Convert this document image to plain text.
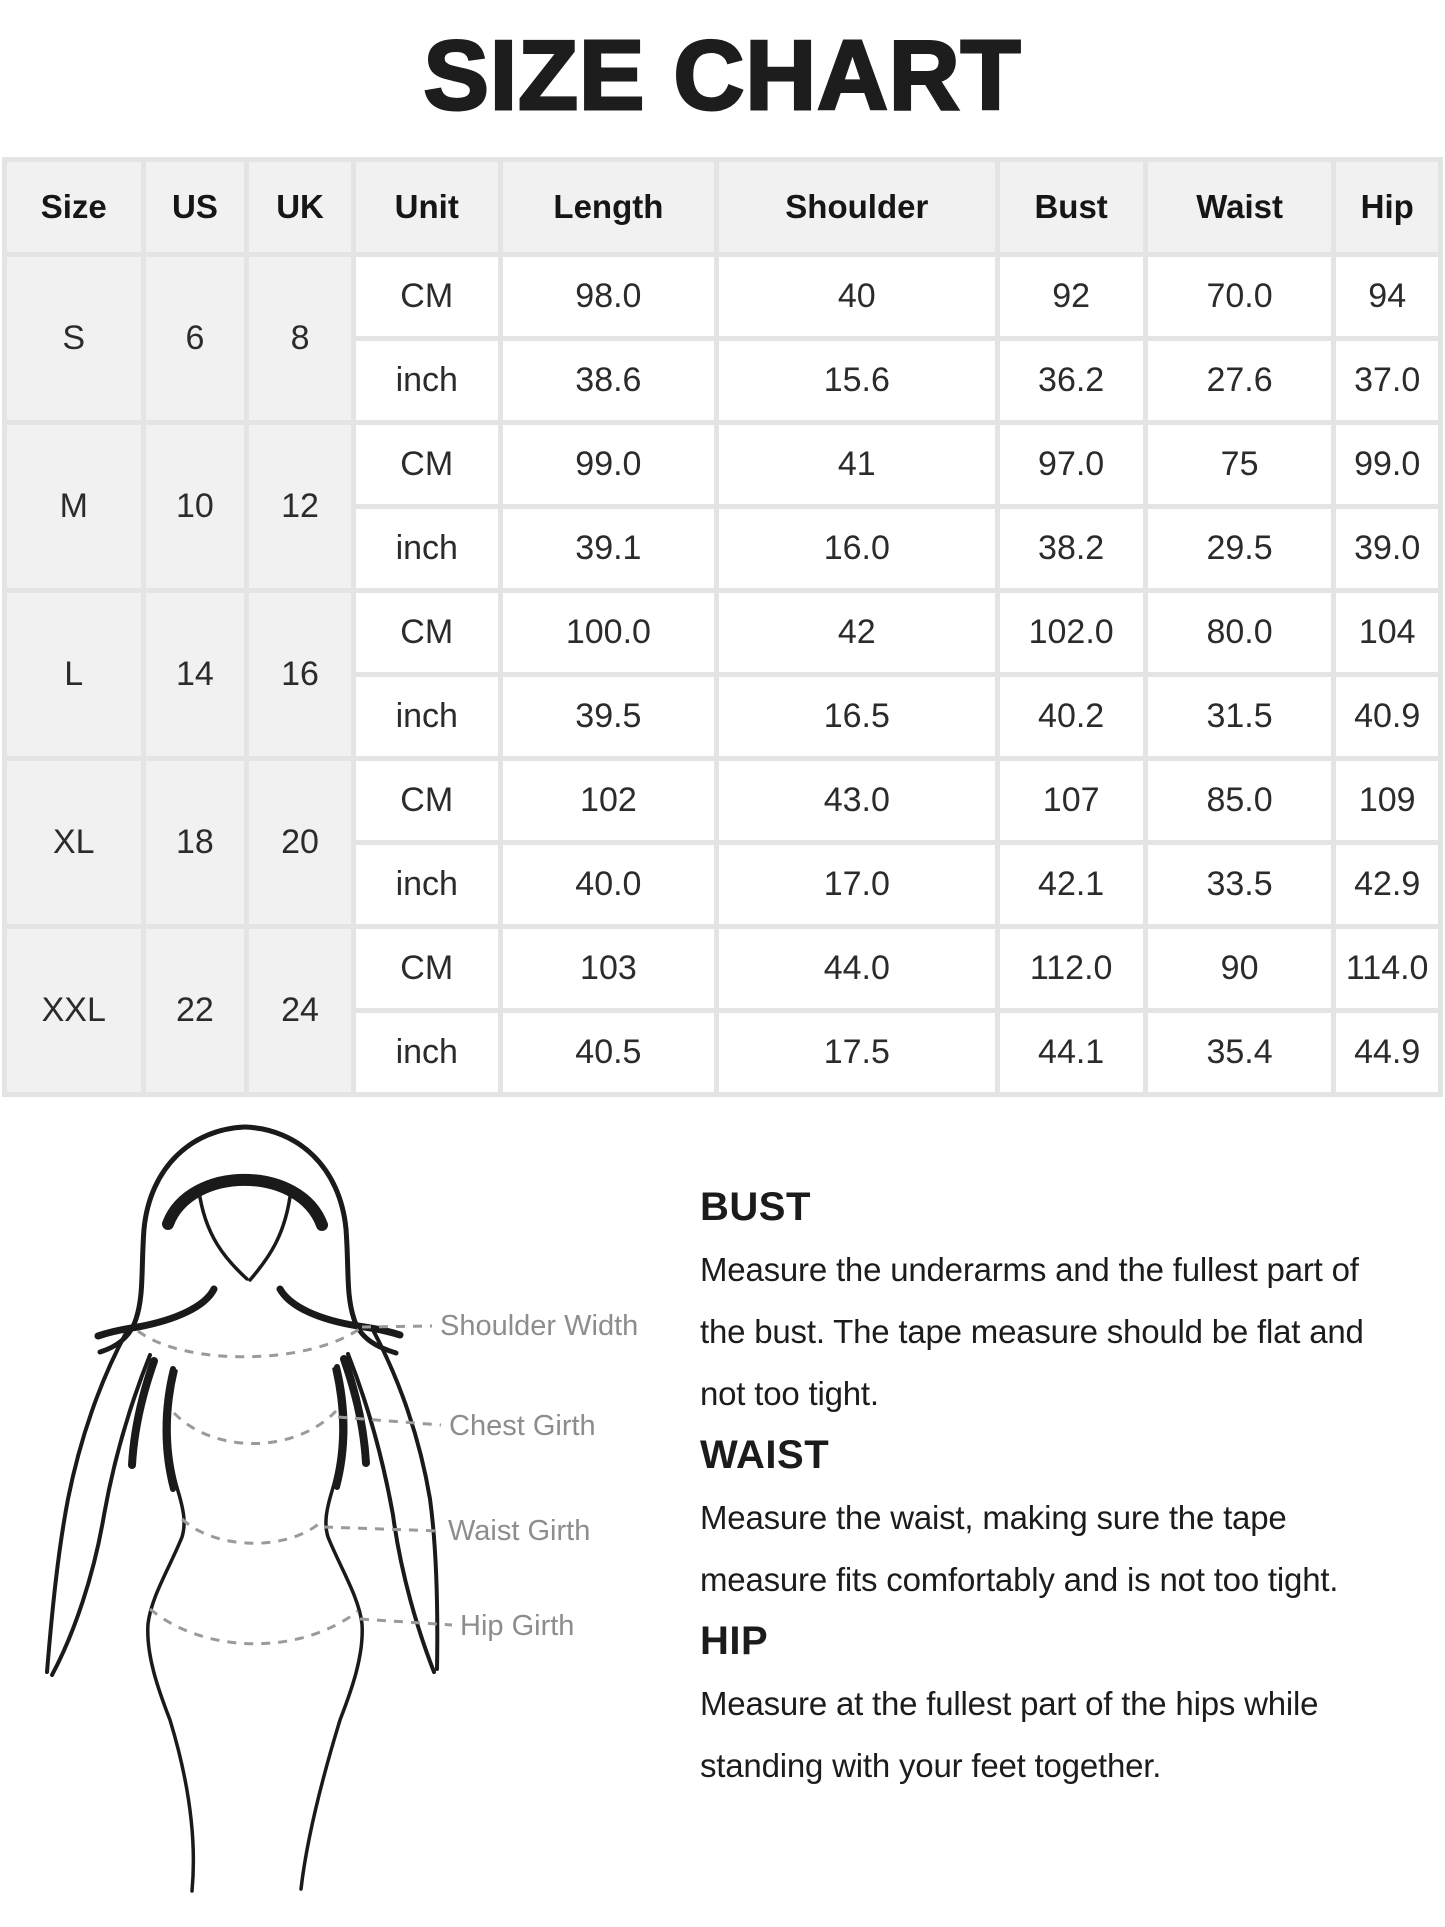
SIZE CHART
Size	US	UK	Unit	Length	Shoulder	Bust	Waist	Hip
S	6	8	CM	98.0	40	92	70.0	94
			inch	38.6	15.6	36.2	27.6	37.0
M	10	12	CM	99.0	41	97.0	75	99.0
			inch	39.1	16.0	38.2	29.5	39.0
L	14	16	CM	100.0	42	102.0	80.0	104
			inch	39.5	16.5	40.2	31.5	40.9
XL	18	20	CM	102	43.0	107	85.0	109
			inch	40.0	17.0	42.1	33.5	42.9
XXL	22	24	CM	103	44.0	112.0	90	114.0
			inch	40.5	17.5	44.1	35.4	44.9
Shoulder Width
Chest Girth
Waist Girth
Hip Girth
BUST

Measure the underarms and the fullest part of the bust. The tape measure should be flat and not too tight.

WAIST

Measure the waist, making sure the tape measure fits comfortably and is not too tight.

HIP

Measure at the fullest part of the hips while standing with your feet together.
